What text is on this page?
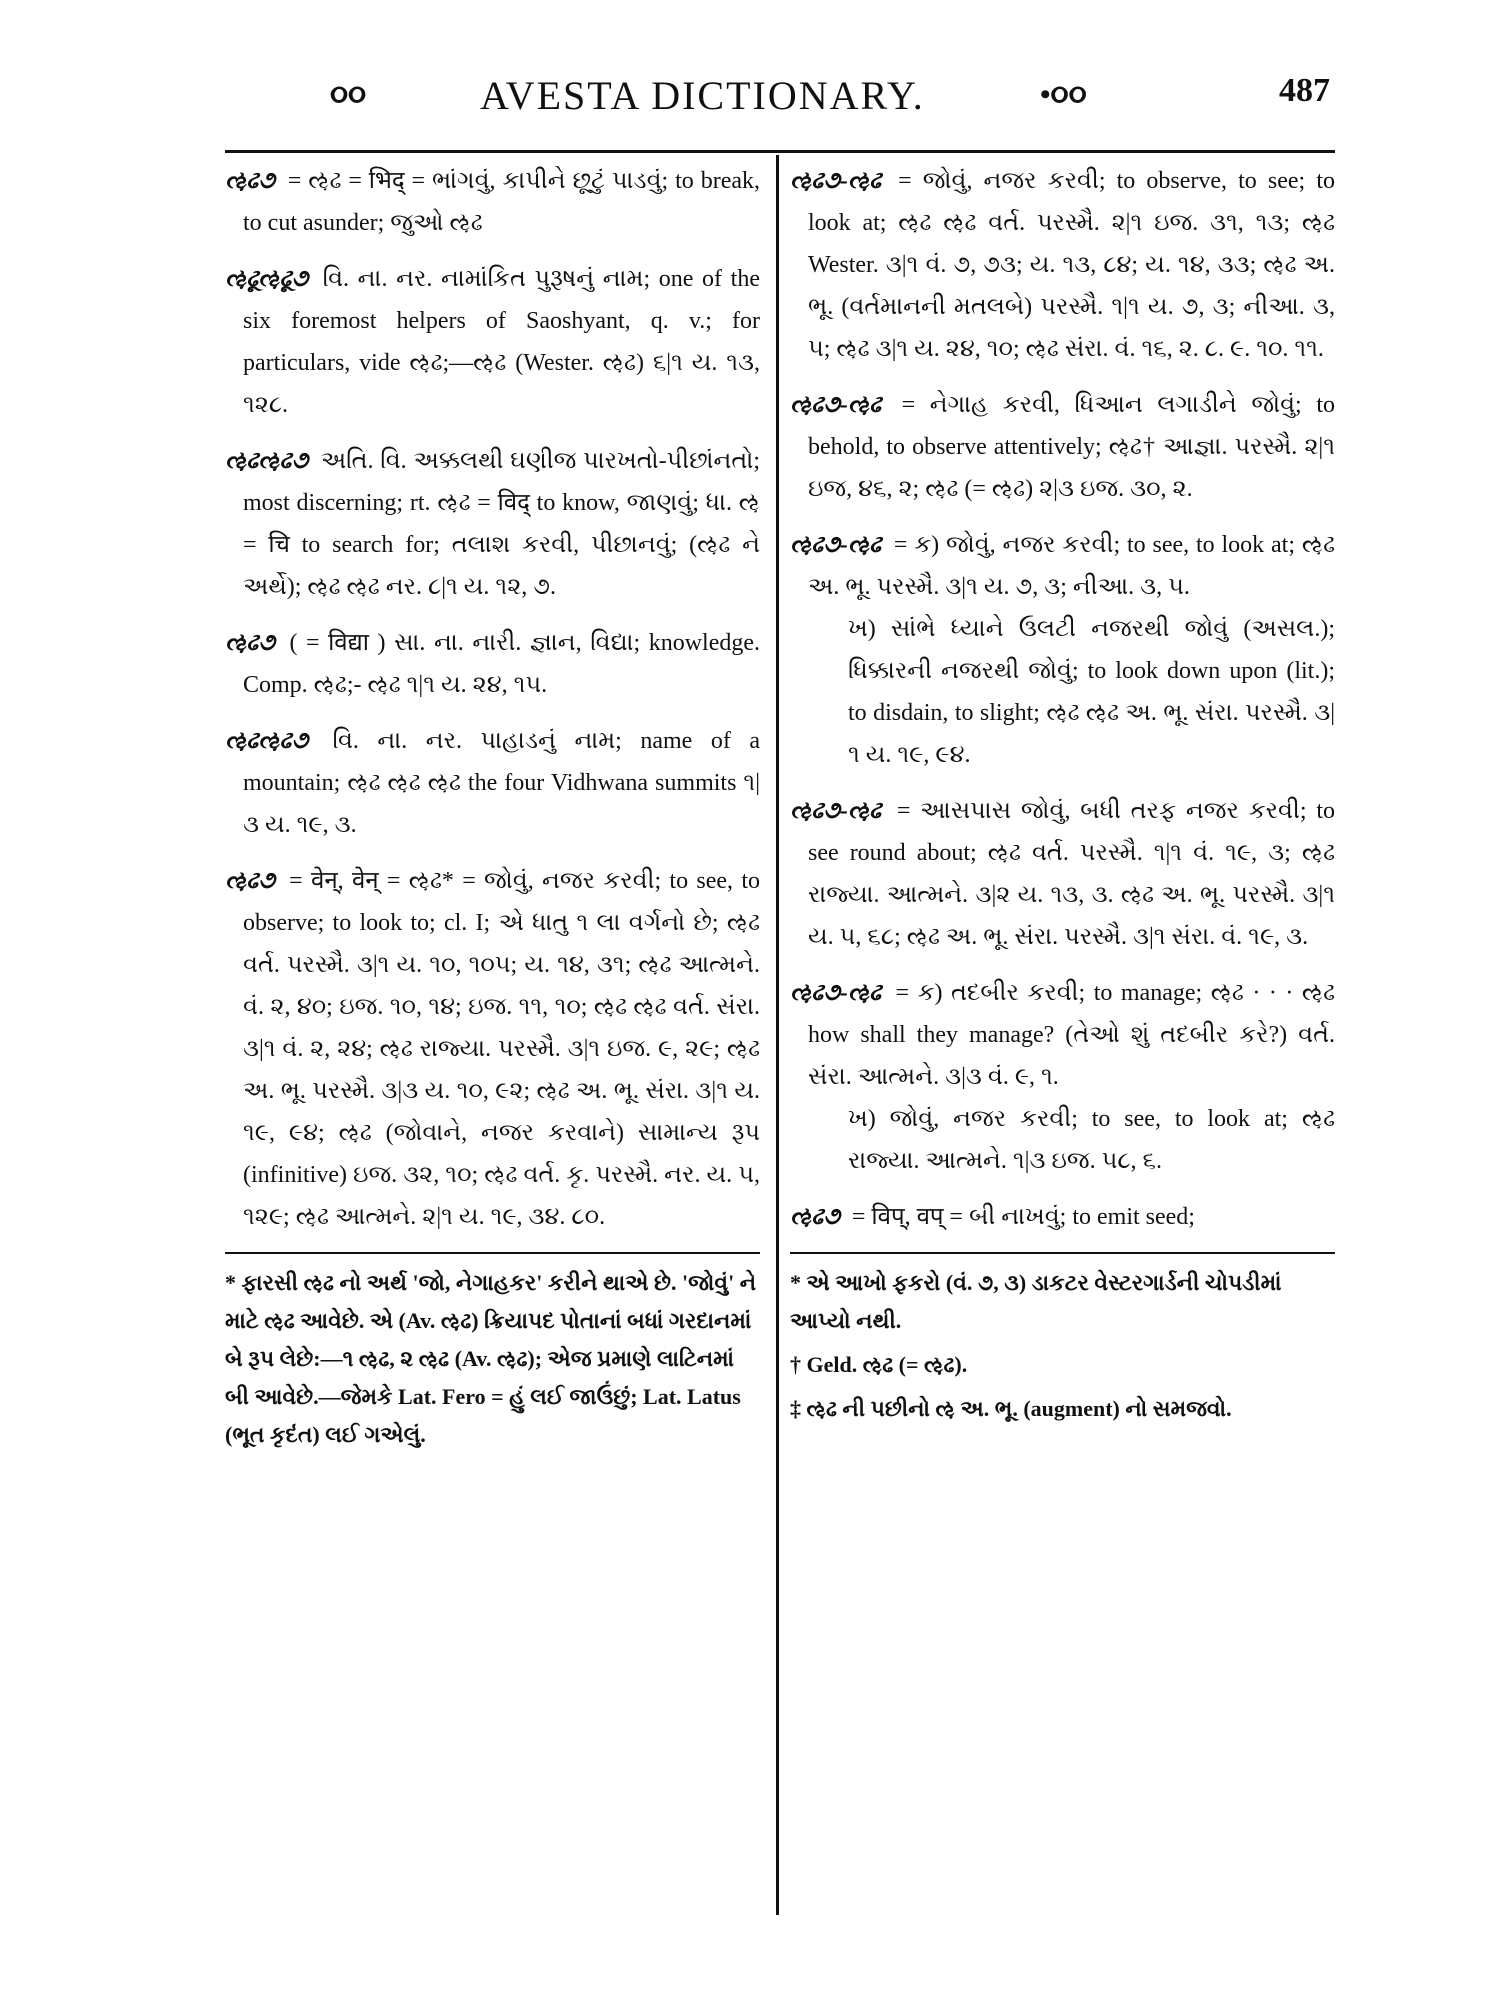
૦૦	AVESTA DICTIONARY.	•૦૦	487
ઌ઼ઢ૭ = ઌ઼ઢ = भिद् = ભાંગવું, કાપીને છૂટું પાડવું; to break, to cut asunder; જુઓ ઌ઼ઢ
ઌ઼ઢૂઌ઼ઢૂ૭ વિ. ના. નર. નામાંકિત પુરૂષનું નામ; one of the six foremost helpers of Saoshyant, q. v.; for particulars, vide ઌ઼ઢ;—ઌ઼ઢ (Wester. ઌ઼ઢ) ૬|૧ ય. ૧૩, ૧૨૮.
ઌ઼ઢઌ઼ઢ૭ અતિ. વિ. અક્કલથી ઘણીજ પારખતો-પીછાંનતો; most discerning; rt. ઌ઼ઢ = विद् to know, જાણવું; ધા. ઌ઼ = चि to search for; તલાશ કરવી, પીછાનવું; (ઌ઼ઢ ને અર્થે); ઌ઼ઢ ઌ઼ઢ નર. ૮|૧ ય. ૧૨, ૭.
ઌ઼ઢ૭ ( = विद्या ) સા. ના. નારી. જ્ઞાન, વિદ્યા; knowledge. Comp. ઌ઼ઢ;- ઌ઼ઢ ૧|૧ ય. ૨૪, ૧૫.
ઌ઼ઢઌ઼ઢ૭ વિ. ના. નર. પાહાડનું નામ; name of a mountain; ઌ઼ઢ ઌ઼ઢ ઌ઼ઢ the four Vidhwana summits ૧|૩ ય. ૧૯, ૩.
ઌ઼ઢ૭ = वेन्, वेन् = ઌ઼ઢ* = જોવું, નજર કરવી; to see, to observe; to look to; cl. I; એ ધાતુ ૧ લા વર્ગનો છે; ઌ઼ઢ વર્ત. પરસ્મૈ. ૩|૧ ય. ૧૦, ૧૦૫; ય. ૧૪, ૩૧; ઌ઼ઢ આત્મને. વં. ૨, ૪૦; ઇજ. ૧૦, ૧૪; ઇજ. ૧૧, ૧૦; ઌ઼ઢ ઌ઼ઢ વર્ત. સંરા. ૩|૧ વં. ૨, ૨૪; ઌ઼ઢ રાજ્યા. પરસ્મૈ. ૩|૧ ઇજ. ૯, ૨૯; ઌ઼ઢ અ. ભૂ. પરસ્મૈ. ૩|૩ ય. ૧૦, ૯૨; ઌ઼ઢ અ. ભૂ. સંરા. ૩|૧ ય. ૧૯, ૯૪; ઌ઼ઢ (જોવાને, નજર કરવાને) સામાન્ય રૂપ (infinitive) ઇજ. ૩૨, ૧૦; ઌ઼ઢ વર્ત. કૃ. પરસ્મૈ. નર. ય. ૫, ૧૨૯; ઌ઼ઢ આત્મને. ૨|૧ ય. ૧૯, ૩૪. ૮૦.

* ફારસી ઌ઼ઢ નો અર્થ 'જો, નેગાહકર' કરીને થાએ છે. 'જોવું' ને માટે ઌ઼ઢ આવેછે. એ (Av. ઌ઼ઢ) ક્રિયાપદ પોતાનાં બધાં ગરદાનમાં બે રૂપ લેછે:—૧ ઌ઼ઢ, ૨ ઌ઼ઢ (Av. ઌ઼ઢ); એજ પ્રમાણે લાટિનમાં બી આવેછે.—જેમકે Lat. Fero = હું લઈ જાઉંછું; Lat. Latus (ભૂત કૃદંત) લઈ ગએલું.

ઌ઼ઢ૭-ઌ઼ઢ = જોવું, નજર કરવી; to observe, to see; to look at; ઌ઼ઢ ઌ઼ઢ વર્ત. પરસ્મૈ. ૨|૧ ઇજ. ૩૧, ૧૩; ઌ઼ઢ Wester. ૩|૧ વં. ૭, ૭૩; ય. ૧૩, ૮૪; ય. ૧૪, ૩૩; ઌ઼ઢ અ. ભૂ. (વર્તમાનની મતલબે) પરસ્મૈ. ૧|૧ ય. ૭, ૩; નીઆ. ૩, ૫; ઌ઼ઢ ૩|૧ ય. ૨૪, ૧૦; ઌ઼ઢ સંરા. વં. ૧૬, ૨. ૮. ૯. ૧૦. ૧૧.
ઌ઼ઢ૭-ઌ઼ઢ = નેગાહ કરવી, ધિઆન લગાડીને જોવું; to behold, to observe attentively; ઌ઼ઢ† આજ્ઞા. પરસ્મૈ. ૨|૧ ઇજ, ૪૬, ૨; ઌ઼ઢ (= ઌ઼ઢ) ૨|૩ ઇજ. ૩૦, ૨.
ઌ઼ઢ૭-ઌ઼ઢ = ક) જોવું, નજર કરવી; to see, to look at; ઌ઼ઢ અ. ભૂ. પરસ્મૈ. ૩|૧ ય. ૭, ૩; નીઆ. ૩, ૫.
ખ) સાંભે ધ્યાને ઉલટી નજરથી જોવું (અસલ.); ધિક્કારની નજરથી જોવું; to look down upon (lit.); to disdain, to slight; ઌ઼ઢ ઌ઼ઢ અ. ભૂ. સંરા. પરસ્મૈ. ૩|૧ ય. ૧૯, ૯૪.
ઌ઼ઢ૭-ઌ઼ઢ = આસપાસ જોવું, બધી તરફ નજર કરવી; to see round about; ઌ઼ઢ વર્ત. પરસ્મૈ. ૧|૧ વં. ૧૯, ૩; ઌ઼ઢ રાજ્યા. આત્મને. ૩|૨ ય. ૧૩, ૩. ઌ઼ઢ અ. ભૂ. પરસ્મૈ. ૩|૧ ય. ૫, ૬૮; ઌ઼ઢ અ. ભૂ. સંરા. પરસ્મૈ. ૩|૧ સંરા. વં. ૧૯, ૩.
ઌ઼ઢ૭-ઌ઼ઢ = ક) તદબીર કરવી; to manage; ઌ઼ઢ · · · ઌ઼ઢ how shall they manage? (તેઓ શું તદબીર કરે?) વર્ત. સંરા. આત્મને. ૩|૩ વં. ૯, ૧.
ખ) જોવું, નજર કરવી; to see, to look at; ઌ઼ઢ રાજ્યા. આત્મને. ૧|૩ ઇજ. ૫૮, ૬.
ઌ઼ઢ૭ = विप्, वप् = બી નાખવું; to emit seed;

* એ આખો ફકરો (વં. ૭, ૩) ડાકટર વેસ્ટરગાર્ડની ચોપડીમાં આપ્યો નથી.

† Geld. ઌ઼ઢ (= ઌ઼ઢ).

‡ ઌ઼ઢ ની પછીનો ઌ઼ અ. ભૂ. (augment) નો સમજવો.
